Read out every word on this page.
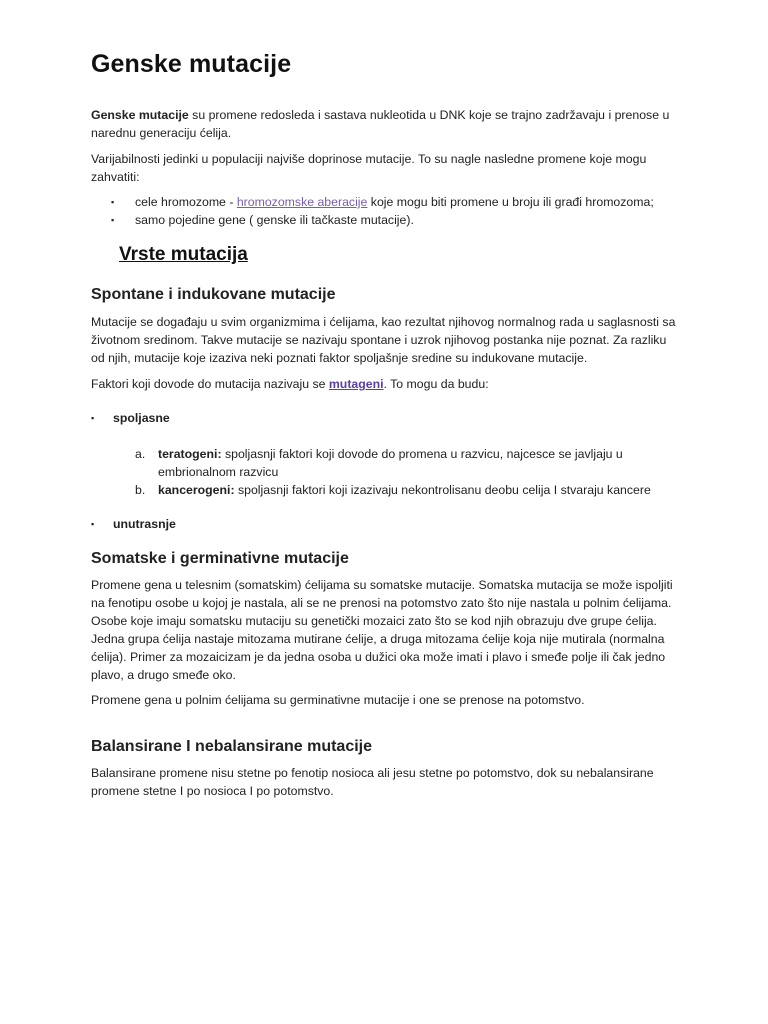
Genske mutacije

Genske mutacije su promene redosleda i sastava nukleotida u DNK koje se trajno zadržavaju i prenose u narednu generaciju ćelija.

Varijabilnosti jedinki u populaciji najviše doprinose mutacije. To su nagle nasledne promene koje mogu zahvatiti:

▪ cele hromozome - hromozomske aberacije koje mogu biti promene u broju ili građi hromozoma;
▪ samo pojedine gene ( genske ili tačkaste mutacije).
Vrste mutacija
Spontane i indukovane mutacije

Mutacije se događaju u svim organizmima i ćelijama, kao rezultat njihovog normalnog rada u saglasnosti sa životnom sredinom. Takve mutacije se nazivaju spontane i uzrok njihovog postanka nije poznat. Za razliku od njih, mutacije koje izaziva neki poznati faktor spoljašnje sredine su indukovane mutacije.

Faktori koji dovode do mutacija nazivaju se mutageni. To mogu da budu:

▪ spoljasne
a.	teratogeni: spoljasnji faktori koji dovode do promena u razvicu, najcesce se javljaju u embrionalnom razvicu
b.	kancerogeni: spoljasnji faktori koji izazivaju nekontrolisanu deobu celija I stvaraju kancere
▪ unutrasnje
Somatske i germinativne mutacije

Promene gena u telesnim (somatskim) ćelijama su somatske mutacije. Somatska mutacija se može ispoljiti na fenotipu osobe u kojoj je nastala, ali se ne prenosi na potomstvo zato što nije nastala u polnim ćelijama. Osobe koje imaju somatsku mutaciju su genetički mozaici zato što se kod njih obrazuju dve grupe ćelija. Jedna grupa ćelija nastaje mitozama mutirane ćelije, a druga mitozama ćelije koja nije mutirala (normalna ćelija). Primer za mozaicizam je da jedna osoba u dužici oka može imati i plavo i smeđe polje ili čak jedno plavo, a drugo smeđe oko.

Promene gena u polnim ćelijama su germinativne mutacije i one se prenose na potomstvo.

Balansirane I nebalansirane mutacije

Balansirane promene nisu stetne po fenotip nosioca ali jesu stetne po potomstvo, dok su nebalansirane promene stetne I po nosioca I po potomstvo.
